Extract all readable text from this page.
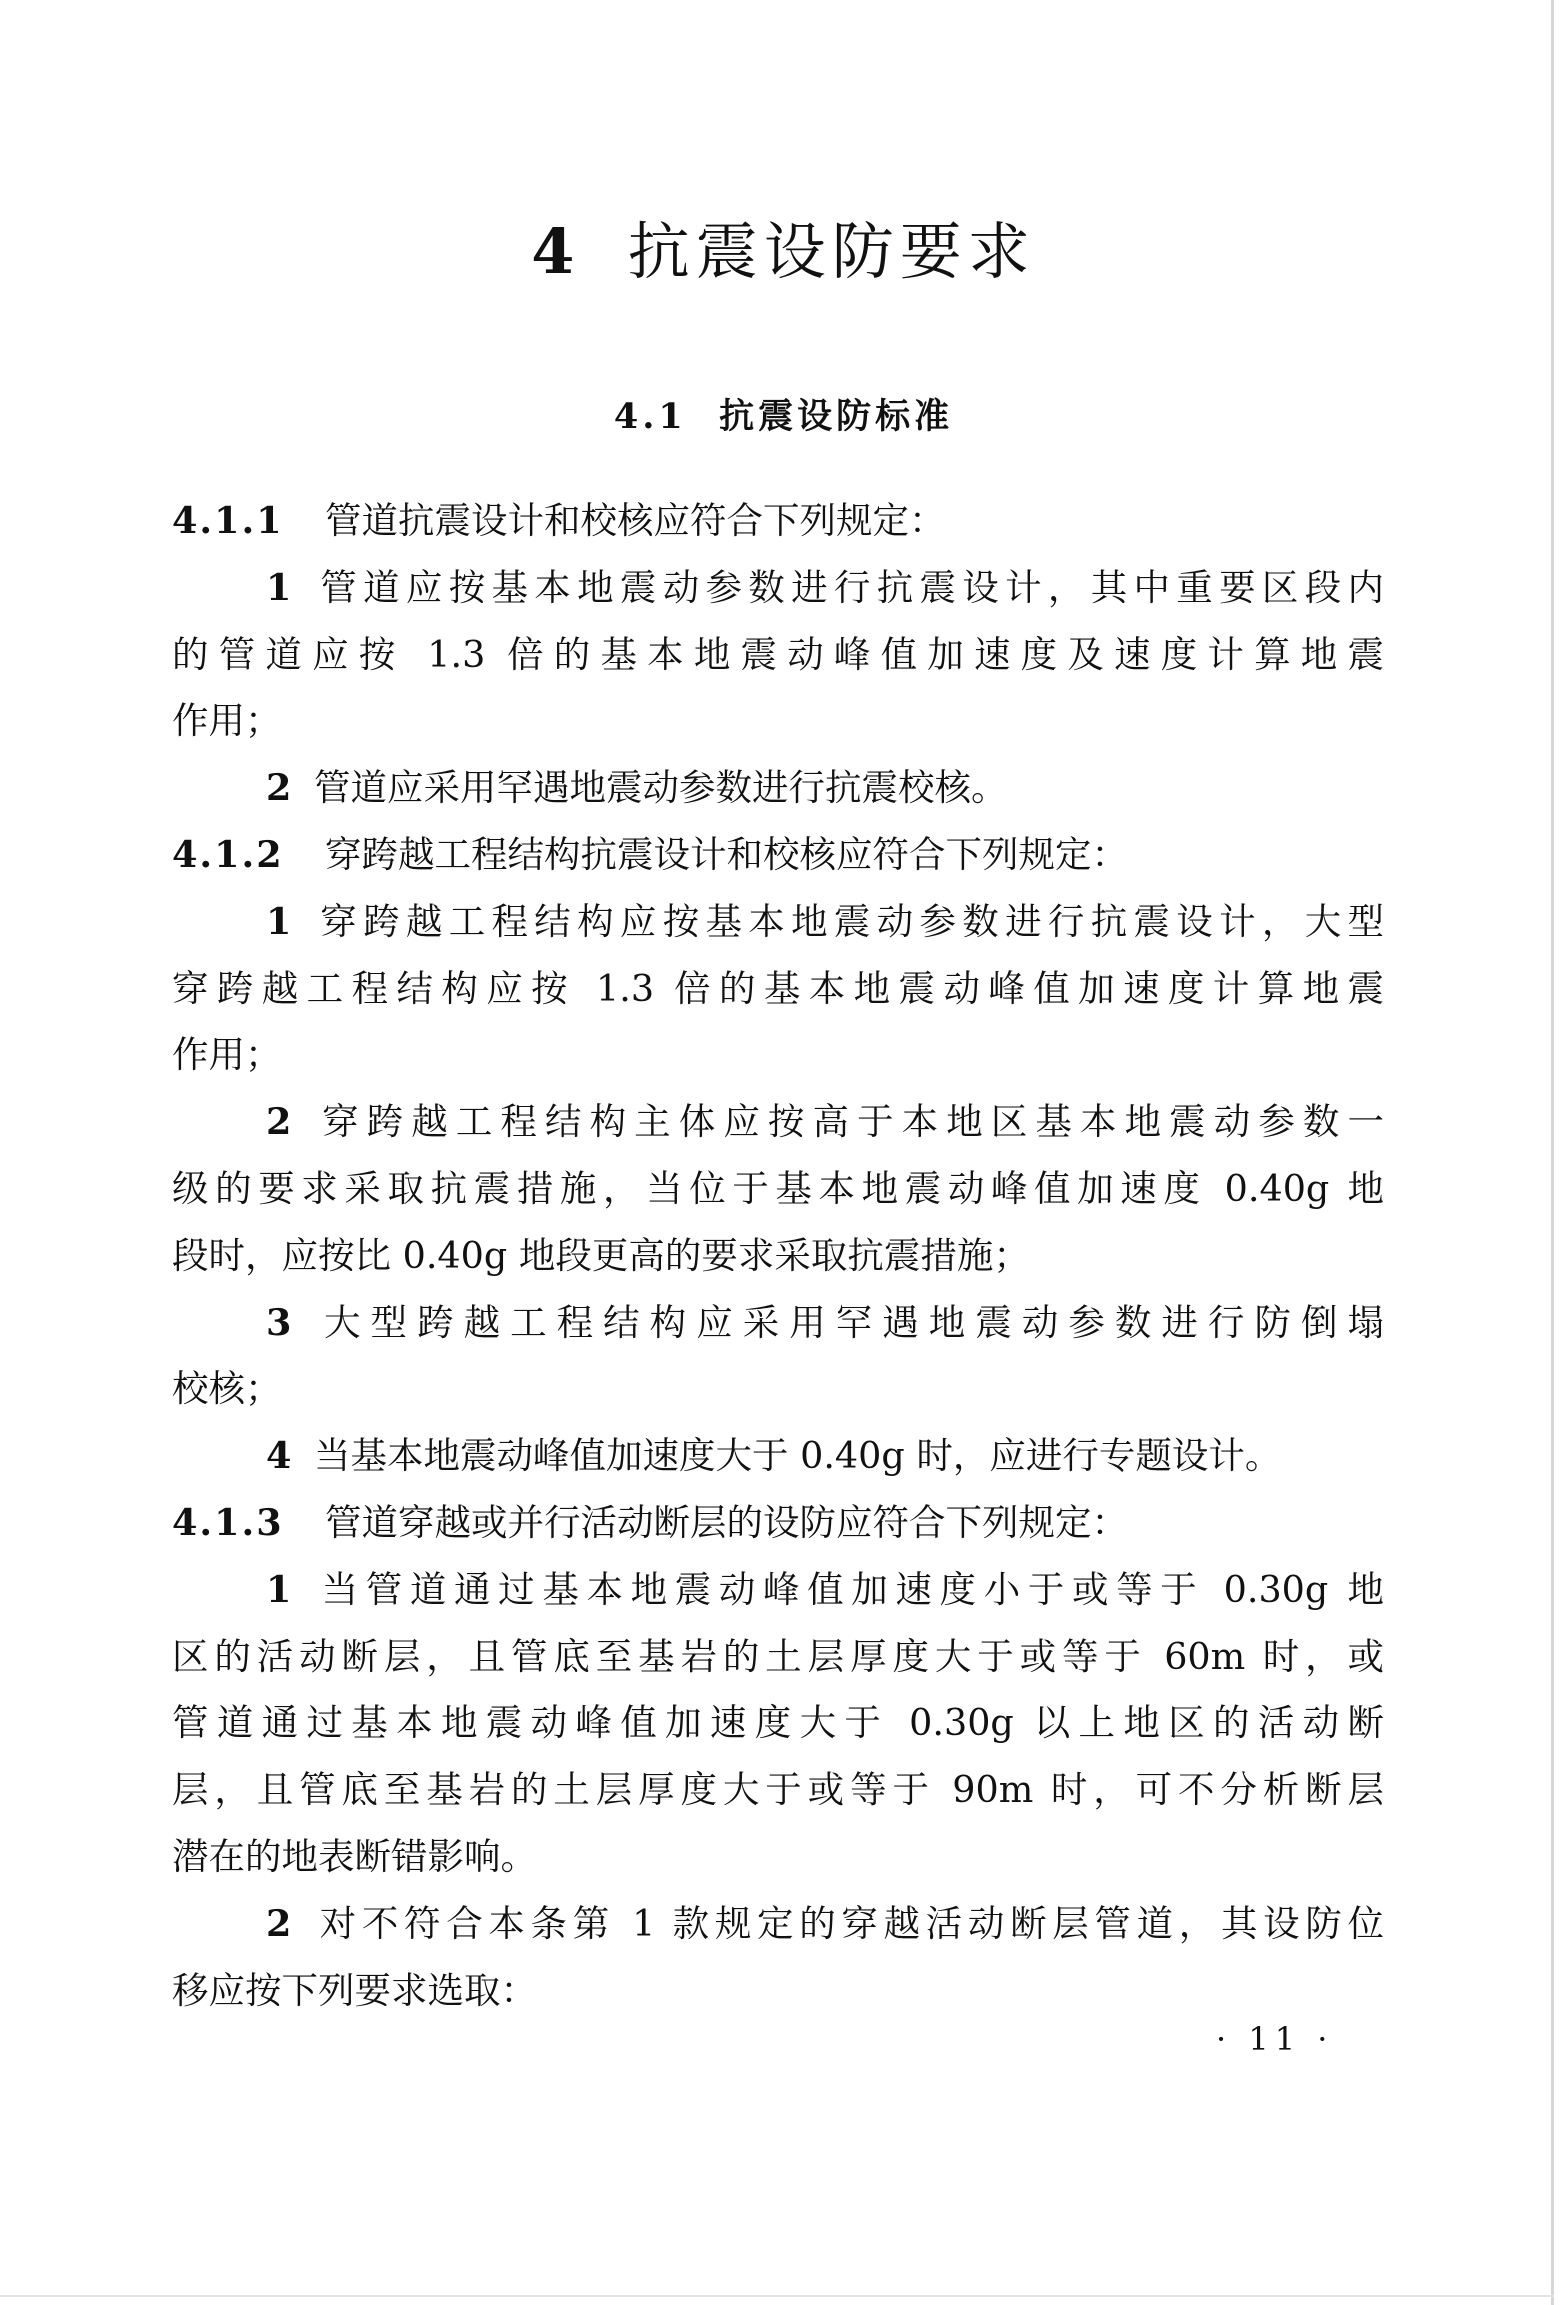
4 抗震设防要求
4.1 抗震设防标准
4.1.1 管道抗震设计和校核应符合下列规定：
1 管道应按基本地震动参数进行抗震设计，其中重要区段内
的管道应按 1.3 倍的基本地震动峰值加速度及速度计算地震
作用；
2 管道应采用罕遇地震动参数进行抗震校核。
4.1.2 穿跨越工程结构抗震设计和校核应符合下列规定：
1 穿跨越工程结构应按基本地震动参数进行抗震设计，大型
穿跨越工程结构应按 1.3 倍的基本地震动峰值加速度计算地震
作用；
2 穿跨越工程结构主体应按高于本地区基本地震动参数一
级的要求采取抗震措施，当位于基本地震动峰值加速度 0.40g 地
段时，应按比 0.40g 地段更高的要求采取抗震措施；
3 大型跨越工程结构应采用罕遇地震动参数进行防倒塌
校核；
4 当基本地震动峰值加速度大于 0.40g 时，应进行专题设计。
4.1.3 管道穿越或并行活动断层的设防应符合下列规定：
1 当管道通过基本地震动峰值加速度小于或等于 0.30g 地
区的活动断层，且管底至基岩的土层厚度大于或等于 60m 时，或
管道通过基本地震动峰值加速度大于 0.30g 以上地区的活动断
层，且管底至基岩的土层厚度大于或等于 90m 时，可不分析断层
潜在的地表断错影响。
2 对不符合本条第 1 款规定的穿越活动断层管道，其设防位
移应按下列要求选取：
· 11 ·
